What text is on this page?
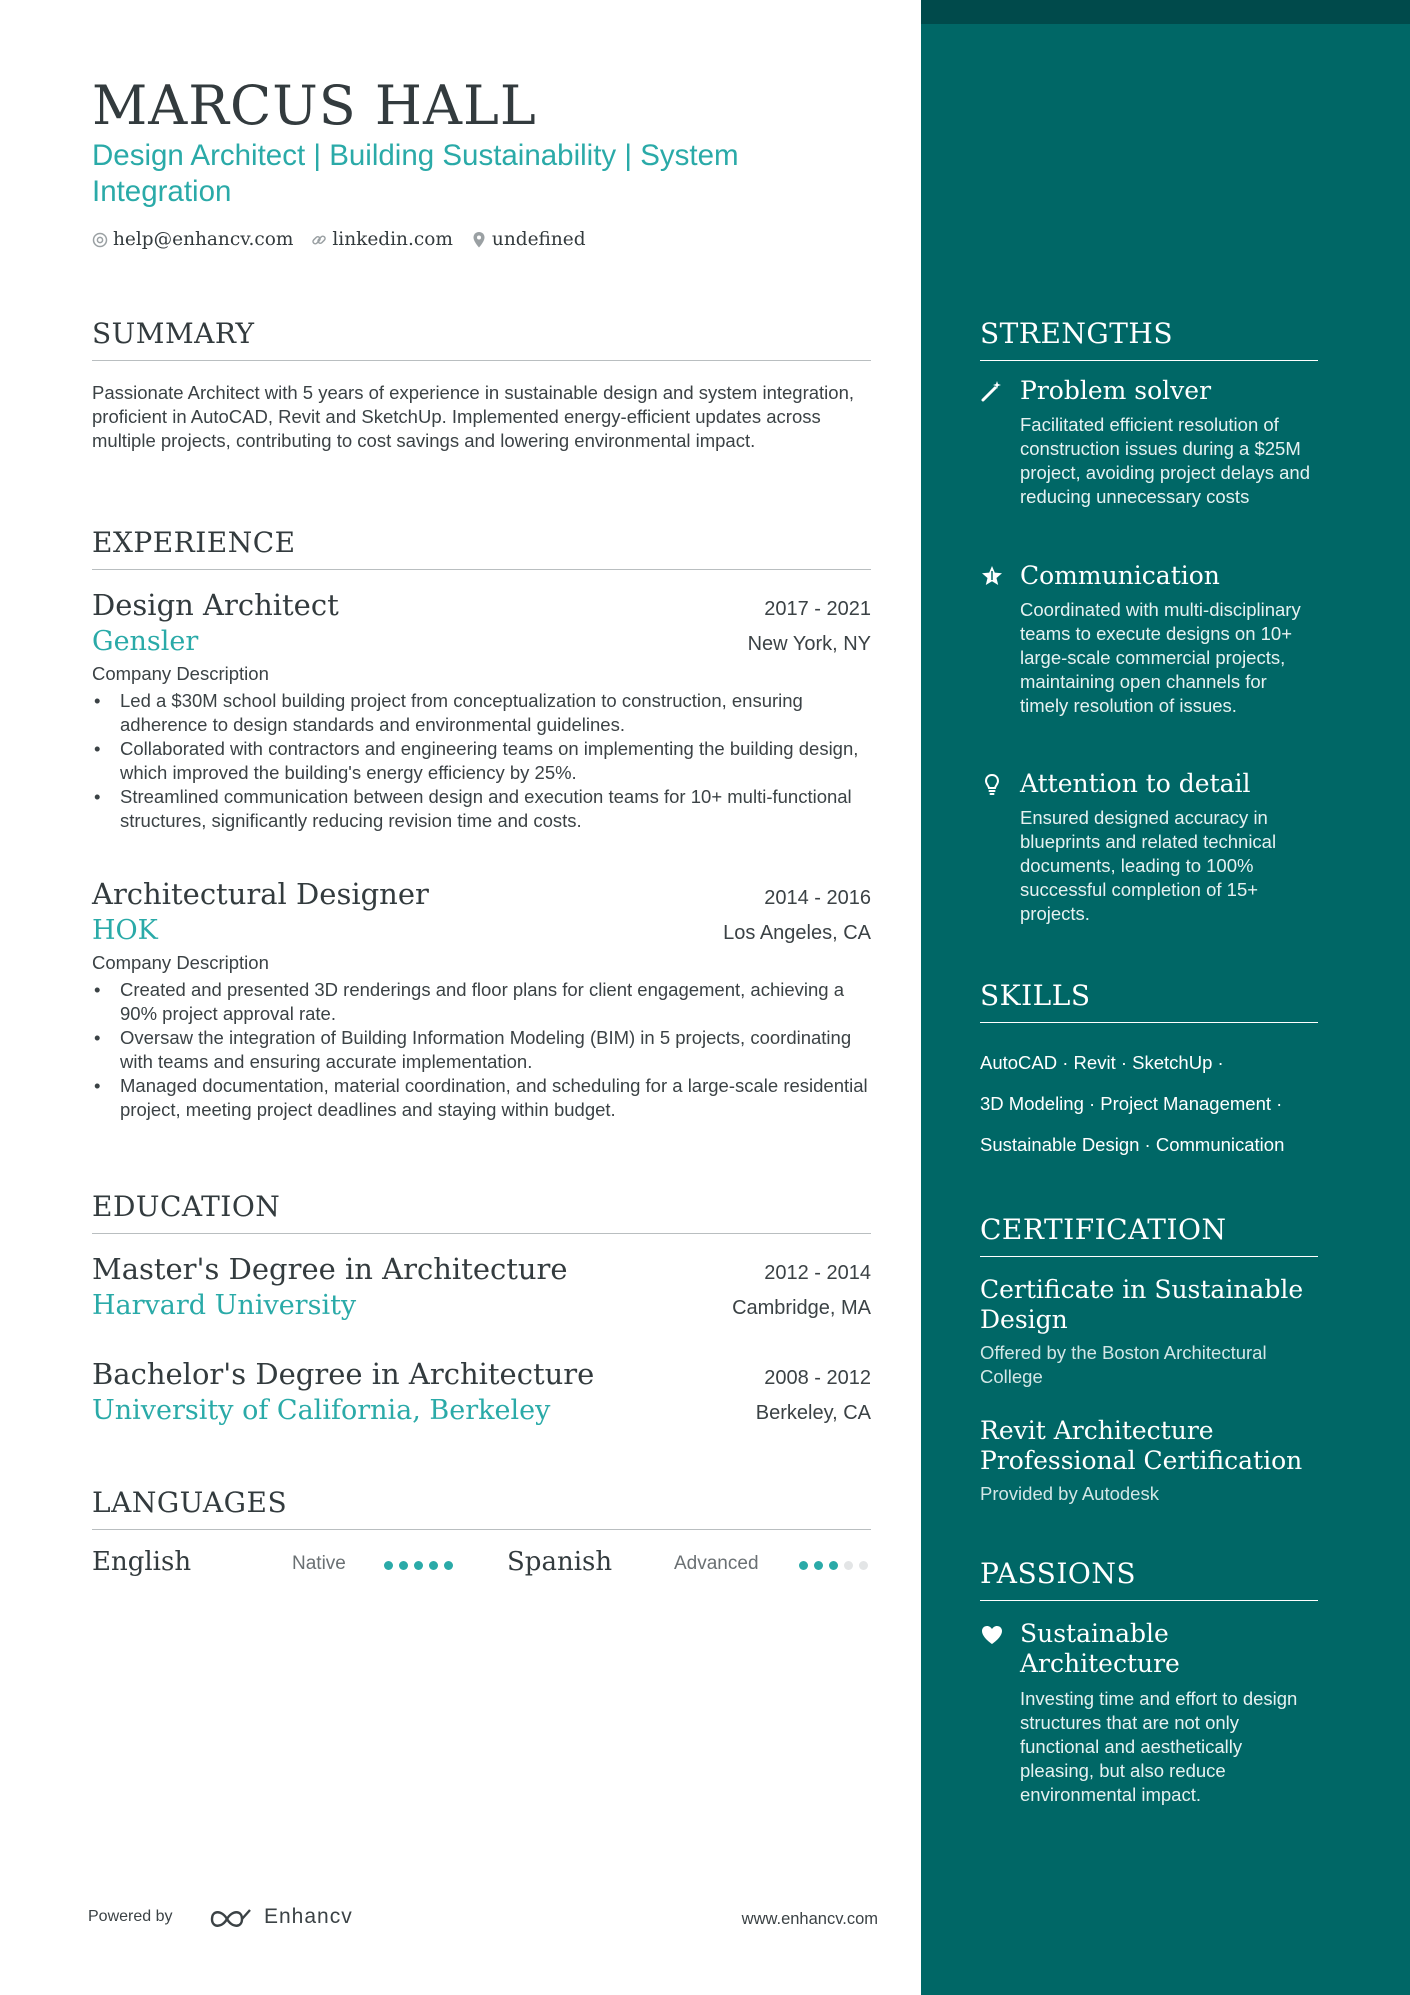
MARCUS HALL
Design Architect | Building Sustainability | System Integration
help@enhancv.com linkedin.com undefined
SUMMARY
Passionate Architect with 5 years of experience in sustainable design and system integration, proficient in AutoCAD, Revit and SketchUp. Implemented energy-efficient updates across multiple projects, contributing to cost savings and lowering environmental impact.
EXPERIENCE
Design Architect	2017 - 2021
Gensler	New York, NY
Company Description
• Led a $30M school building project from conceptualization to construction, ensuring adherence to design standards and environmental guidelines.
• Collaborated with contractors and engineering teams on implementing the building design, which improved the building's energy efficiency by 25%.
• Streamlined communication between design and execution teams for 10+ multi-functional structures, significantly reducing revision time and costs.
Architectural Designer	2014 - 2016
HOK	Los Angeles, CA
Company Description
• Created and presented 3D renderings and floor plans for client engagement, achieving a 90% project approval rate.
• Oversaw the integration of Building Information Modeling (BIM) in 5 projects, coordinating with teams and ensuring accurate implementation.
• Managed documentation, material coordination, and scheduling for a large-scale residential project, meeting project deadlines and staying within budget.
EDUCATION
Master's Degree in Architecture	2012 - 2014
Harvard University	Cambridge, MA
Bachelor's Degree in Architecture	2008 - 2012
University of California, Berkeley	Berkeley, CA
LANGUAGES
English	Native	Spanish	Advanced
Powered by	Enhancv	www.enhancv.com
STRENGTHS
Problem solver
Facilitated efficient resolution of construction issues during a $25M project, avoiding project delays and reducing unnecessary costs
Communication
Coordinated with multi-disciplinary teams to execute designs on 10+ large-scale commercial projects, maintaining open channels for timely resolution of issues.
Attention to detail
Ensured designed accuracy in blueprints and related technical documents, leading to 100% successful completion of 15+ projects.
SKILLS
AutoCAD · Revit · SketchUp ·
3D Modeling · Project Management ·
Sustainable Design · Communication
CERTIFICATION
Certificate in Sustainable Design
Offered by the Boston Architectural College
Revit Architecture Professional Certification
Provided by Autodesk
PASSIONS
Sustainable Architecture
Investing time and effort to design structures that are not only functional and aesthetically pleasing, but also reduce environmental impact.
